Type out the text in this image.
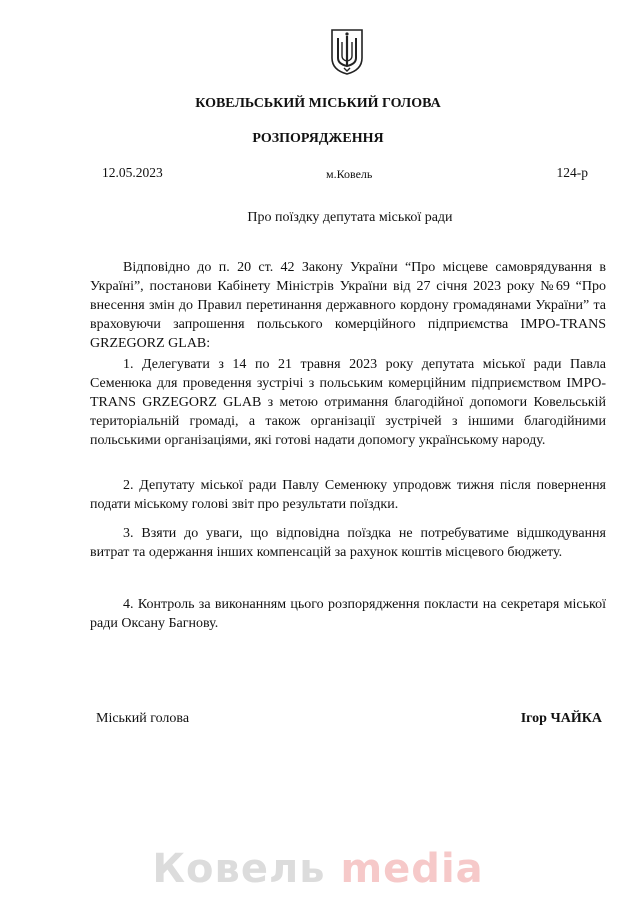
КОВЕЛЬСЬКИЙ МІСЬКИЙ ГОЛОВА

РОЗПОРЯДЖЕННЯ

12.05.2023	м.Ковель	124-р
Про поїздку депутата міської ради

Відповідно до п. 20 ст. 42 Закону України “Про місцеве самоврядування в Україні”, постанови Кабінету Міністрів України від 27 січня 2023 року №69 “Про внесення змін до Правил перетинання державного кордону громадянами України” та враховуючи запрошення польського комерційного підприємства IMPO-TRANS GRZEGORZ GLAB:

1. Делегувати з 14 по 21 травня 2023 року депутата міської ради Павла Семенюка для проведення зустрічі з польським комерційним підприємством IMPO-TRANS GRZEGORZ GLAB з метою отримання благодійної допомоги Ковельській територіальній громаді, а також організації зустрічей з іншими благодійними польськими організаціями, які готові надати допомогу українському народу.

2. Депутату міської ради Павлу Семенюку упродовж тижня після повернення подати міському голові звіт про результати поїздки.

3. Взяти до уваги, що відповідна поїздка не потребуватиме відшкодування витрат та одержання інших компенсацій за рахунок коштів місцевого бюджету.

4. Контроль за виконанням цього розпорядження покласти на секретаря міської ради Оксану Багнову.

Міський голова	Ігор ЧАЙКА
Ковель media
